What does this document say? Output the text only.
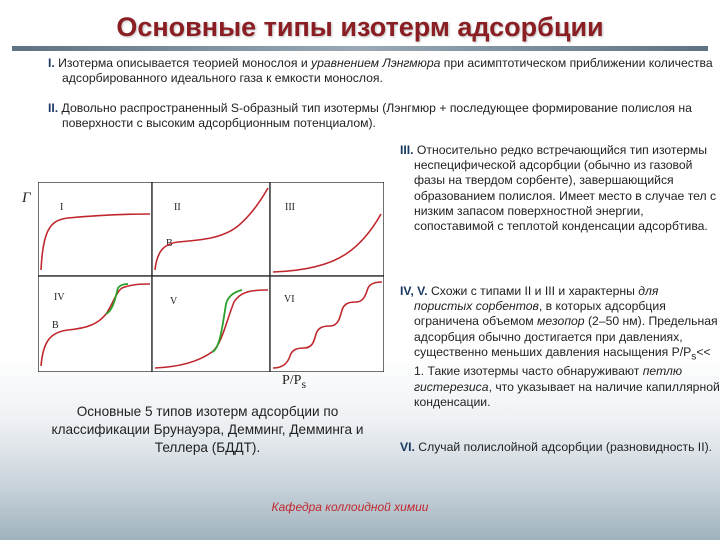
Основные типы изотерм адсорбции
I. Изотерма описывается теорией монослоя и уравнением Лэнгмюра при асимптотическом приближении количества адсорбированного идеального газа к емкости монослоя.
II. Довольно распространенный S-образный тип изотермы (Лэнгмюр + последующее формирование полислоя на поверхности с высоким адсорбционным потенциалом).
III. Относительно редко встречающийся тип изотермы неспецифической адсорбции (обычно из газовой фазы на твердом сорбенте), завершающийся образованием полислоя. Имеет место в случае тел с низким запасом поверхностной энергии, сопоставимой с теплотой конденсации адсорбтива.
IV, V. Схожи с типами II и III и характерны для пористых сорбентов, в которых адсорбция ограничена объемом мезопор (2–50 нм). Предельная адсорбция обычно достигается при давлениях, существенно меньших давления насыщения $P/P_s<< 1$. Такие изотермы часто обнаруживают петлю гистерезиса, что указывает на наличие капиллярной конденсации.
VI. Случай полислойной адсорбции (разновидность II).
Г
I	II	III
IV	V	VI
B
B
$P/P_s$
Основные 5 типов изотерм адсорбции по классификации Брунауэра, Демминг, Демминга и Теллера (БДДТ).
Кафедра коллоидной химии
